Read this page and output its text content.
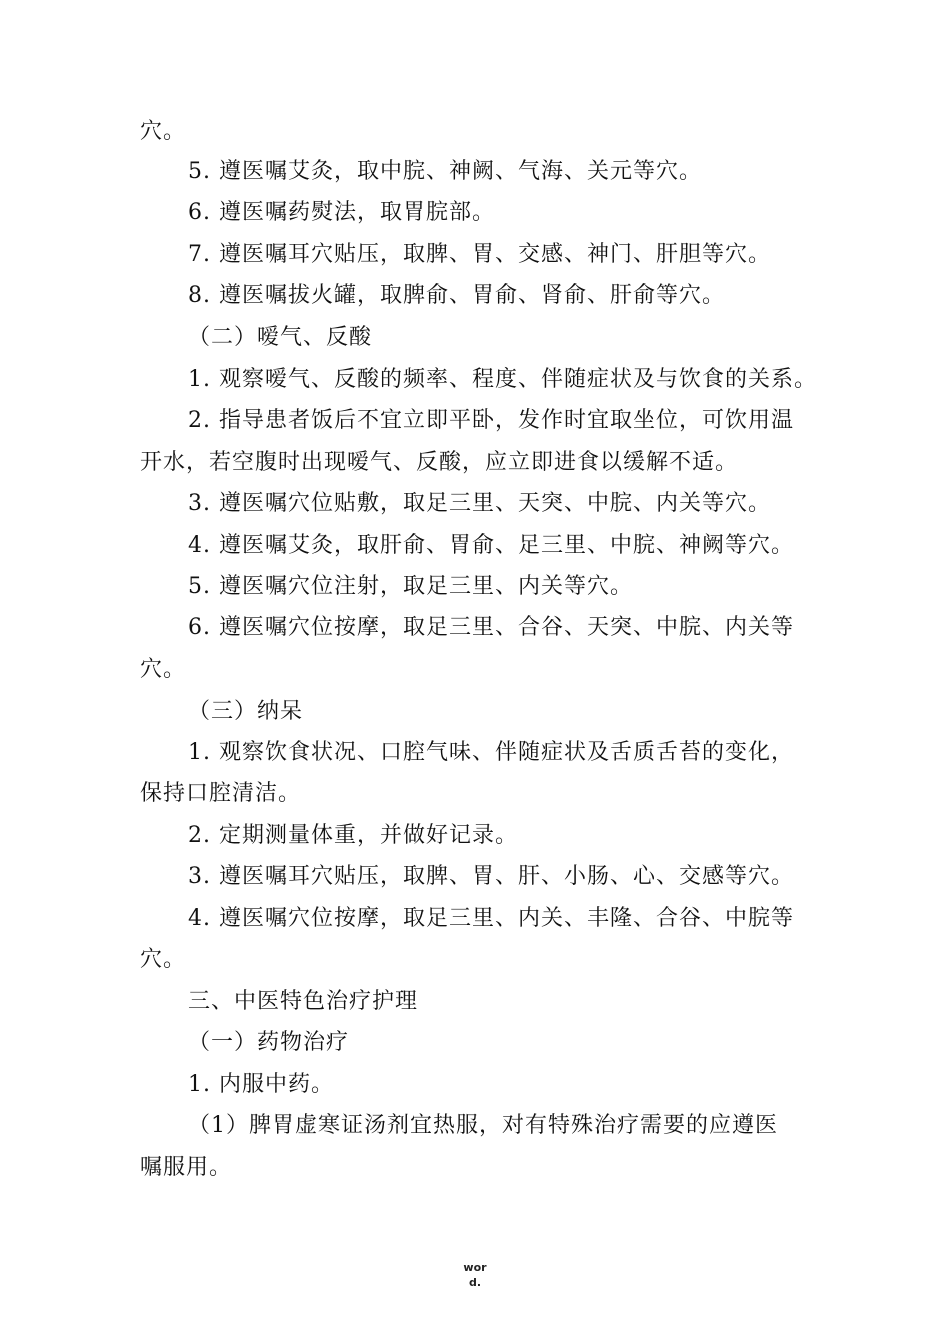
穴。
5. 遵医嘱艾灸，取中脘、神阙、气海、关元等穴。
6. 遵医嘱药熨法，取胃脘部。
7. 遵医嘱耳穴贴压，取脾、胃、交感、神门、肝胆等穴。
8. 遵医嘱拔火罐，取脾俞、胃俞、肾俞、肝俞等穴。
（二）嗳气、反酸
1. 观察嗳气、反酸的频率、程度、伴随症状及与饮食的关系。
2. 指导患者饭后不宜立即平卧，发作时宜取坐位，可饮用温
开水，若空腹时出现嗳气、反酸，应立即进食以缓解不适。
3. 遵医嘱穴位贴敷，取足三里、天突、中脘、内关等穴。
4. 遵医嘱艾灸，取肝俞、胃俞、足三里、中脘、神阙等穴。
5. 遵医嘱穴位注射，取足三里、内关等穴。
6. 遵医嘱穴位按摩，取足三里、合谷、天突、中脘、内关等
穴。
（三）纳呆
1. 观察饮食状况、口腔气味、伴随症状及舌质舌苔的变化，
保持口腔清洁。
2. 定期测量体重，并做好记录。
3. 遵医嘱耳穴贴压，取脾、胃、肝、小肠、心、交感等穴。
4. 遵医嘱穴位按摩，取足三里、内关、丰隆、合谷、中脘等
穴。
三、中医特色治疗护理
（一）药物治疗
1. 内服中药。
（1）脾胃虚寒证汤剂宜热服，对有特殊治疗需要的应遵医
嘱服用。
wor
d.
